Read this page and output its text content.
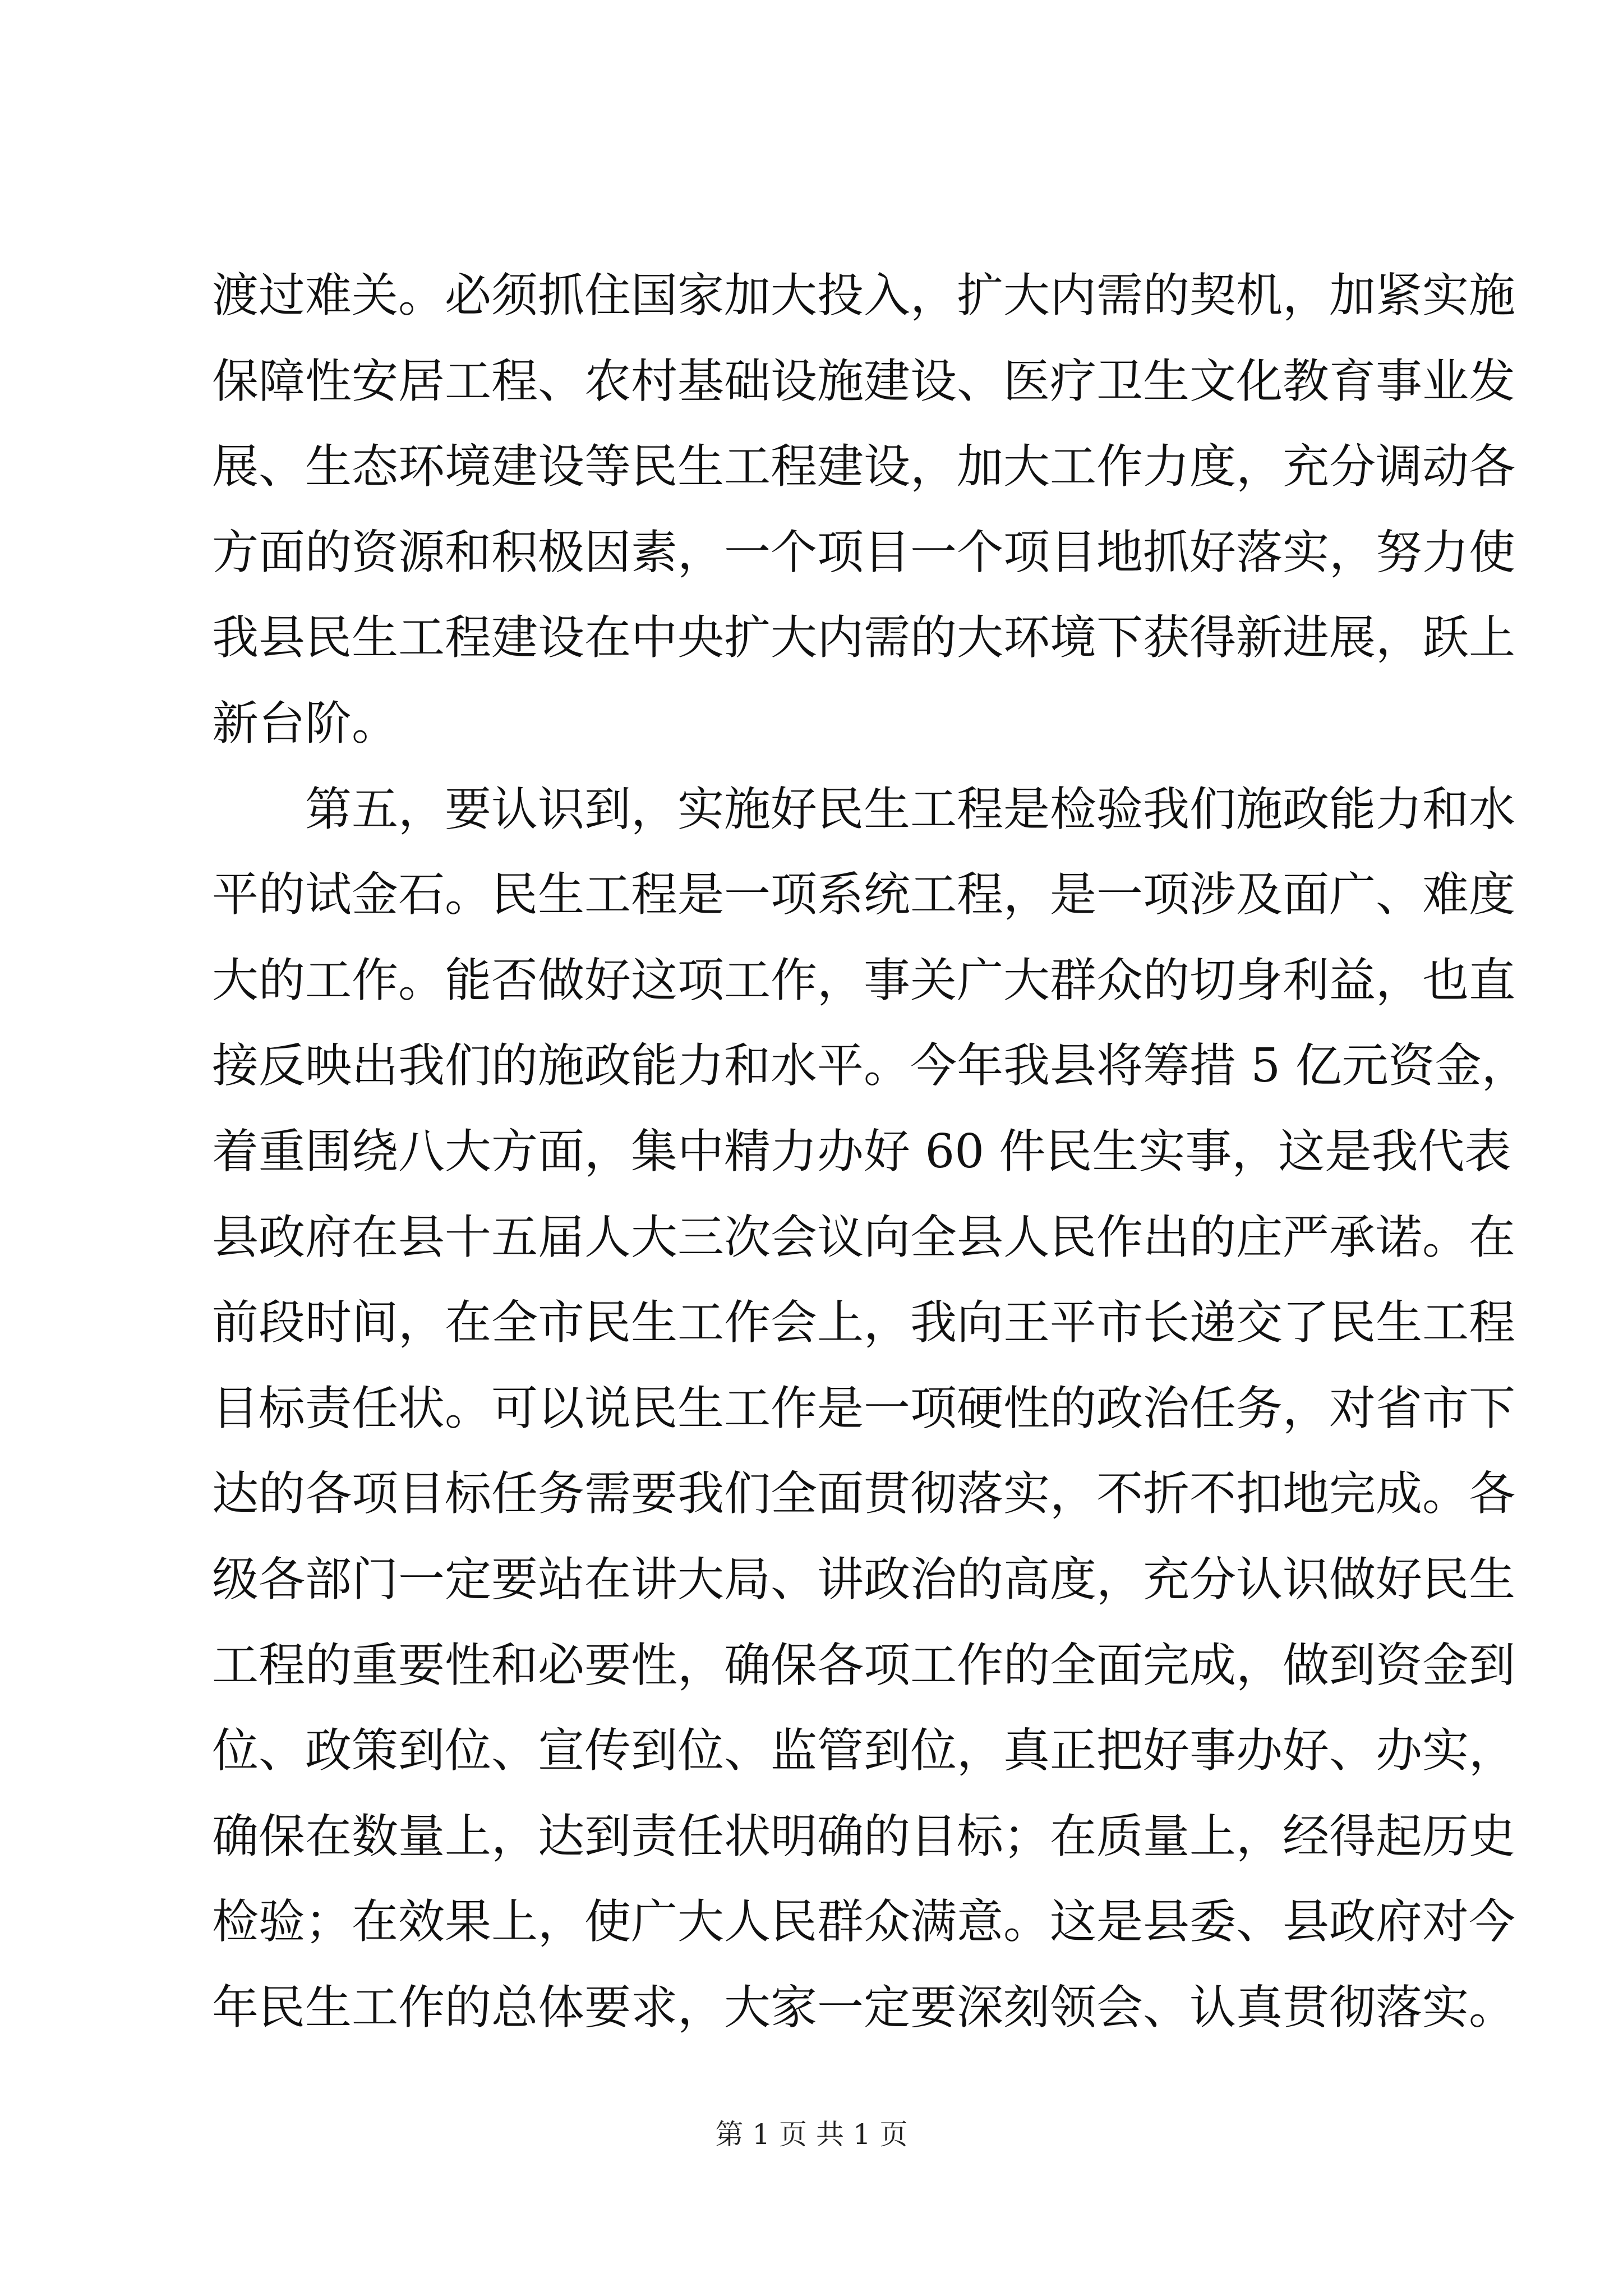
渡过难关。必须抓住国家加大投入，扩大内需的契机，加紧实施
保障性安居工程、农村基础设施建设、医疗卫生文化教育事业发
展、生态环境建设等民生工程建设，加大工作力度，充分调动各
方面的资源和积极因素，一个项目一个项目地抓好落实，努力使
我县民生工程建设在中央扩大内需的大环境下获得新进展，跃上
新台阶。
　　第五，要认识到，实施好民生工程是检验我们施政能力和水
平的试金石。民生工程是一项系统工程，是一项涉及面广、难度
大的工作。能否做好这项工作，事关广大群众的切身利益，也直
接反映出我们的施政能力和水平。今年我县将筹措 5 亿元资金，
着重围绕八大方面，集中精力办好 60 件民生实事，这是我代表
县政府在县十五届人大三次会议向全县人民作出的庄严承诺。在
前段时间，在全市民生工作会上，我向王平市长递交了民生工程
目标责任状。可以说民生工作是一项硬性的政治任务，对省市下
达的各项目标任务需要我们全面贯彻落实，不折不扣地完成。各
级各部门一定要站在讲大局、讲政治的高度，充分认识做好民生
工程的重要性和必要性，确保各项工作的全面完成，做到资金到
位、政策到位、宣传到位、监管到位，真正把好事办好、办实，
确保在数量上，达到责任状明确的目标；在质量上，经得起历史
检验；在效果上，使广大人民群众满意。这是县委、县政府对今
年民生工作的总体要求，大家一定要深刻领会、认真贯彻落实。
第 1 页 共 1 页
